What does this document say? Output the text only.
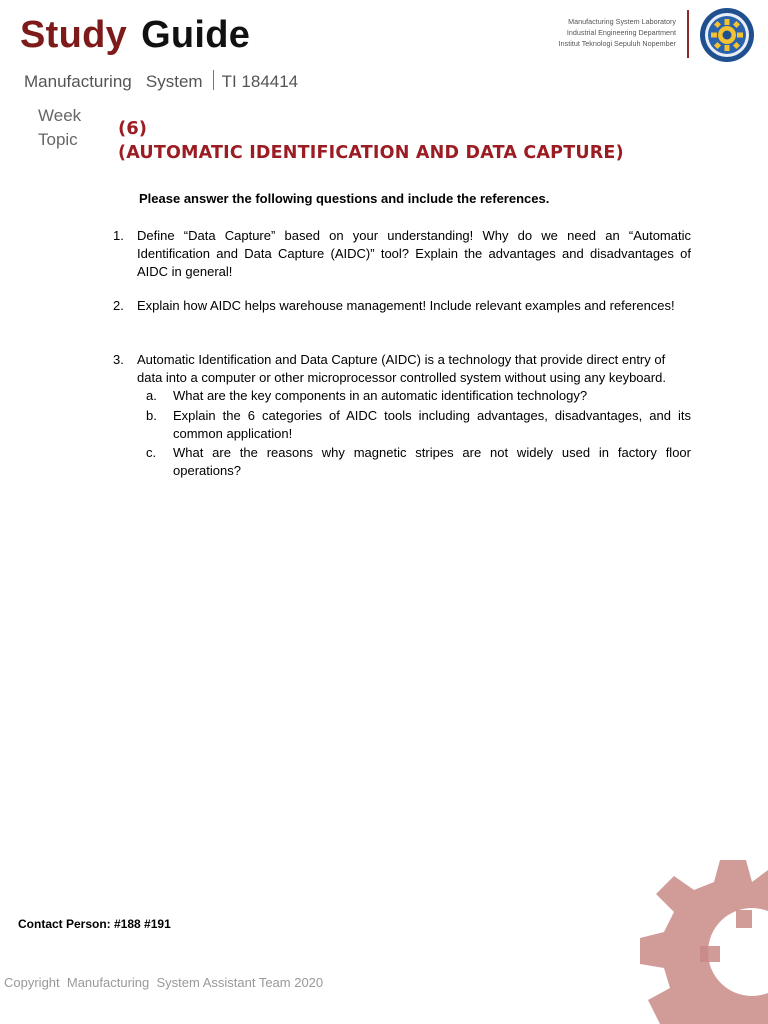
Study Guide
Manufacturing   System TI 184414
Manufacturing System Laboratory
Industrial Engineering Department
Institut Teknologi Sepuluh Nopember
Week
Topic
(6)
(AUTOMATIC IDENTIFICATION AND DATA CAPTURE)
Please answer the following questions and include the references.
1. Define “Data Capture” based on your understanding! Why do we need an “Automatic Identification and Data Capture (AIDC)” tool? Explain the advantages and disadvantages of AIDC in general!
2. Explain how AIDC helps warehouse management! Include relevant examples and references!
3. Automatic Identification and Data Capture (AIDC) is a technology that provide direct entry of data into a computer or other microprocessor controlled system without using any keyboard.
a. What are the key components in an automatic identification technology?
b. Explain the 6 categories of AIDC tools including advantages, disadvantages, and its common application!
c. What are the reasons why magnetic stripes are not widely used in factory floor operations?
Contact Person: #188 #191
Copyright  Manufacturing  System Assistant Team 2020
